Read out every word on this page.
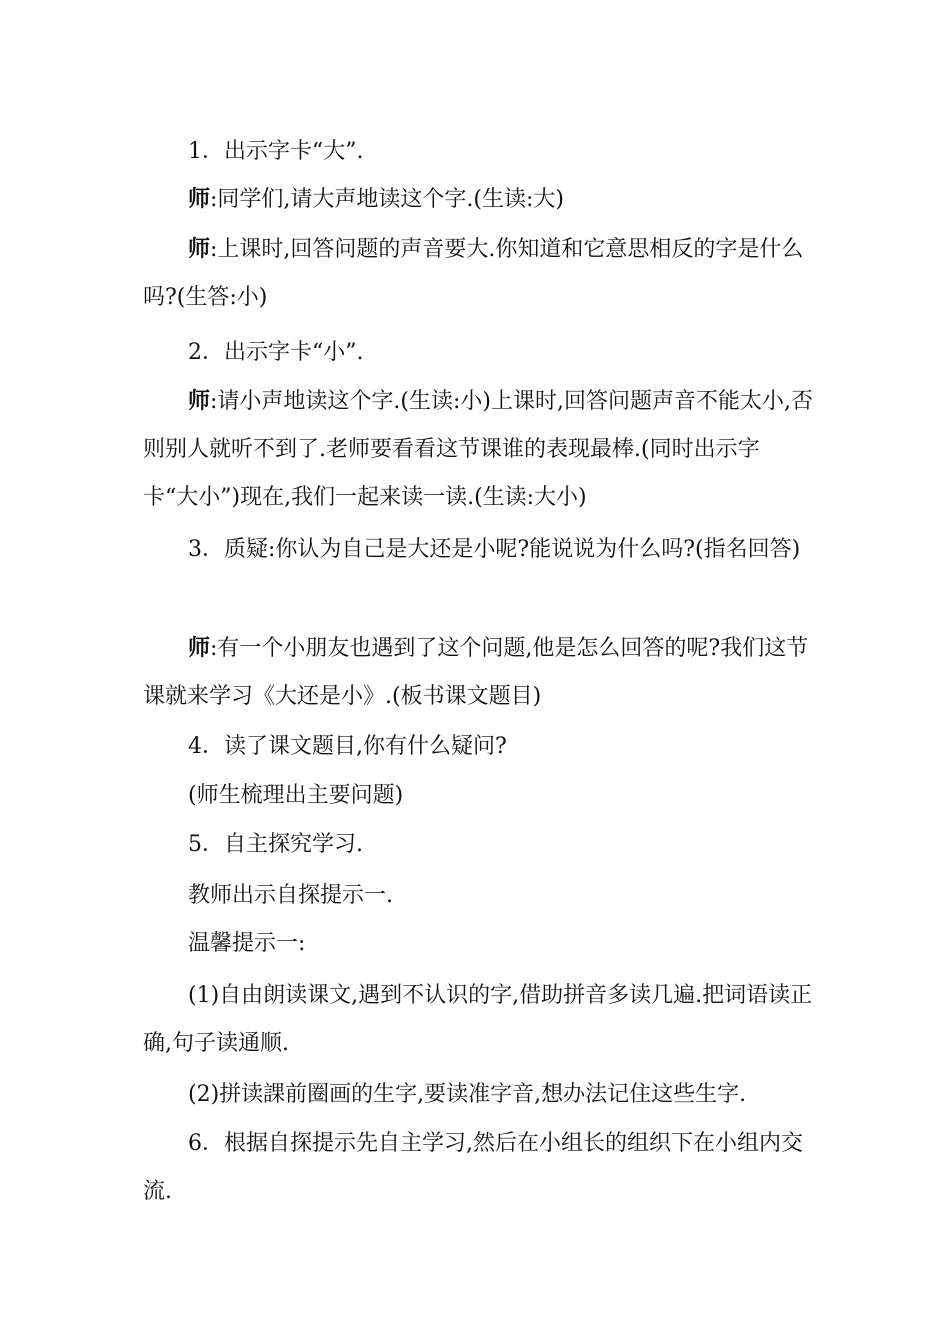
1．出示字卡“大”.

师:同学们,请大声地读这个字.(生读:大)

师:上课时,回答问题的声音要大.你知道和它意思相反的字是什么吗?(生答:小)

2．出示字卡“小”.

师:请小声地读这个字.(生读:小)上课时,回答问题声音不能太小,否则别人就听不到了.老师要看看这节课谁的表现最棒.(同时出示字卡“大小”)现在,我们一起来读一读.(生读:大小)

3．质疑:你认为自己是大还是小呢?能说说为什么吗?(指名回答)

师:有一个小朋友也遇到了这个问题,他是怎么回答的呢?我们这节课就来学习《大还是小》.(板书课文题目)

4．读了课文题目,你有什么疑问?

(师生梳理出主要问题)

5．自主探究学习.

教师出示自探提示一.

温馨提示一:

(1)自由朗读课文,遇到不认识的字,借助拼音多读几遍.把词语读正确,句子读通顺.

(2)拼读課前圈画的生字,要读准字音,想办法记住这些生字.

6．根据自探提示先自主学习,然后在小组长的组织下在小组内交流.
